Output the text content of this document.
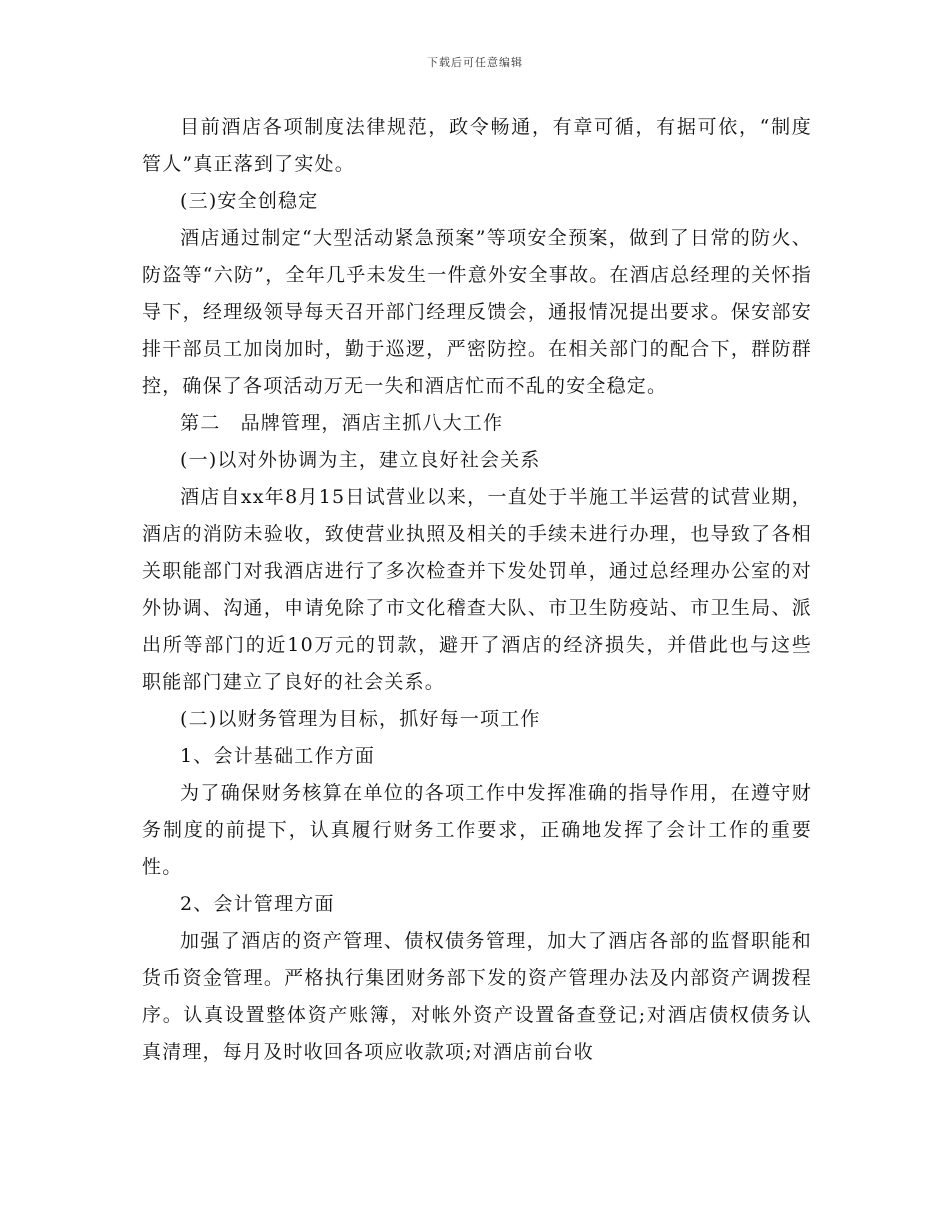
下载后可任意编辑

目前酒店各项制度法律规范，政令畅通，有章可循，有据可依，“制度管人”真正落到了实处。

(三)安全创稳定

酒店通过制定“大型活动紧急预案”等项安全预案，做到了日常的防火、防盗等“六防”，全年几乎未发生一件意外安全事故。在酒店总经理的关怀指导下，经理级领导每天召开部门经理反馈会，通报情况提出要求。保安部安排干部员工加岗加时，勤于巡逻，严密防控。在相关部门的配合下，群防群控，确保了各项活动万无一失和酒店忙而不乱的安全稳定。

第二　品牌管理，酒店主抓八大工作

(一)以对外协调为主，建立良好社会关系

酒店自xx年8月15日试营业以来，一直处于半施工半运营的试营业期，酒店的消防未验收，致使营业执照及相关的手续未进行办理，也导致了各相关职能部门对我酒店进行了多次检查并下发处罚单，通过总经理办公室的对外协调、沟通，申请免除了市文化稽查大队、市卫生防疫站、市卫生局、派出所等部门的近10万元的罚款，避开了酒店的经济损失，并借此也与这些职能部门建立了良好的社会关系。

(二)以财务管理为目标，抓好每一项工作

1、会计基础工作方面

为了确保财务核算在单位的各项工作中发挥准确的指导作用，在遵守财务制度的前提下，认真履行财务工作要求，正确地发挥了会计工作的重要性。

2、会计管理方面

加强了酒店的资产管理、债权债务管理，加大了酒店各部的监督职能和货币资金管理。严格执行集团财务部下发的资产管理办法及内部资产调拨程序。认真设置整体资产账簿，对帐外资产设置备查登记;对酒店债权债务认真清理，每月及时收回各项应收款项;对酒店前台收
